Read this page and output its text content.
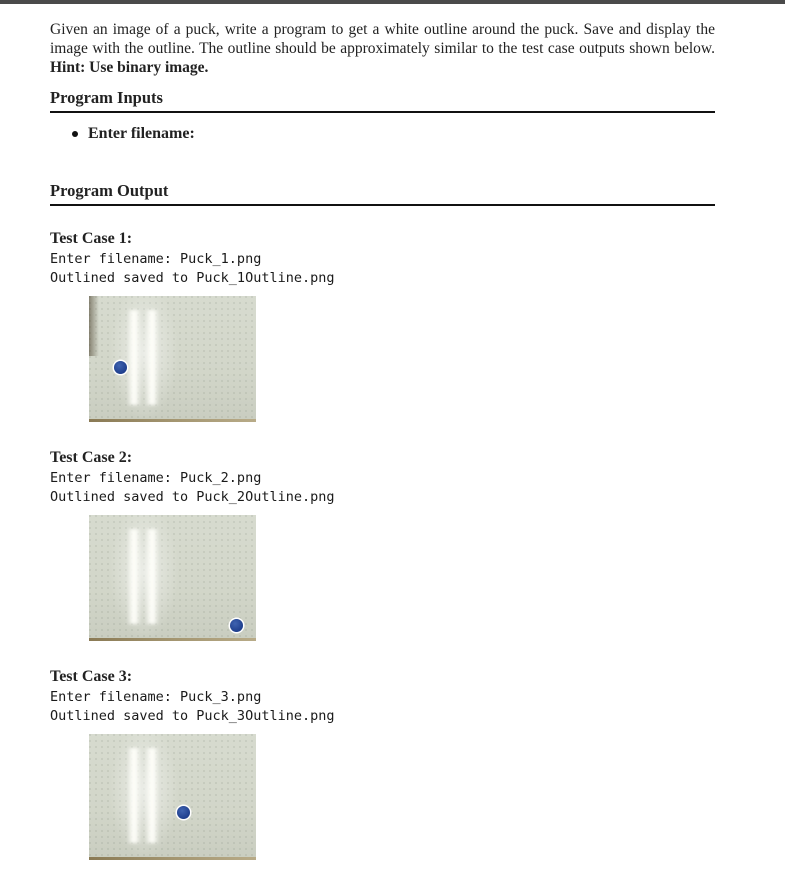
Given an image of a puck, write a program to get a white outline around the puck. Save and display the image with the outline. The outline should be approximately similar to the test case outputs shown below. Hint: Use binary image.

Program Inputs
Enter filename:
Program Output

Test Case 1:

Enter filename: Puck_1.png

Outlined saved to Puck_1Outline.png

Test Case 2:

Enter filename: Puck_2.png

Outlined saved to Puck_2Outline.png

Test Case 3:

Enter filename: Puck_3.png

Outlined saved to Puck_3Outline.png
